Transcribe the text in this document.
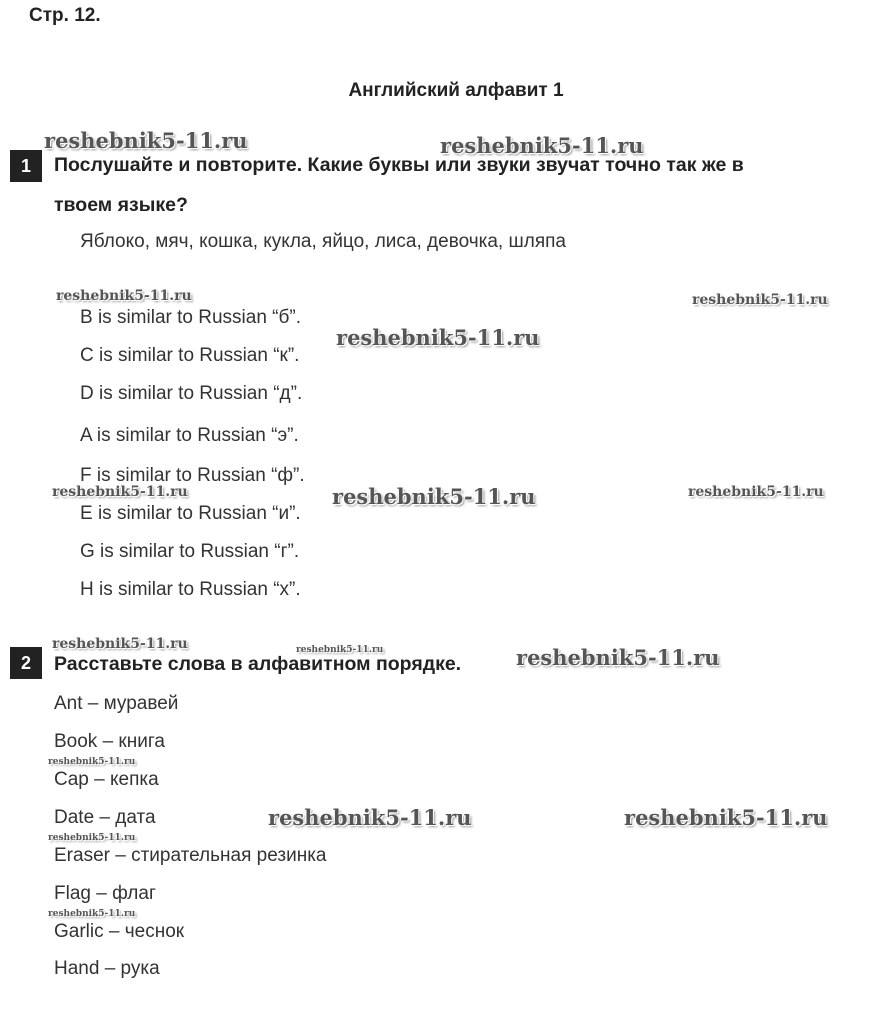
Стр. 12.
Английский алфавит 1
1	Послушайте и повторите. Какие буквы или звуки звучат точно так же в
твоем языке?
Яблоко, мяч, кошка, кукла, яйцо, лиса, девочка, шляпа
B is similar to Russian “б”.
C is similar to Russian “к”.
D is similar to Russian “д”.
A is similar to Russian “э”.
F is similar to Russian “ф”.
E is similar to Russian “и”.
G is similar to Russian “г”.
H is similar to Russian “х”.
2	Расставьте слова в алфавитном порядке.
Ant – муравей
Book – книга
Cap – кепка
Date – дата
Eraser – стирательная резинка
Flag – флаг
Garlic – чеснок
Hand – рука
reshebnik5-11.ru	reshebnik5-11.ru
reshebnik5-11.ru	reshebnik5-11.ru
reshebnik5-11.ru
reshebnik5-11.ru	reshebnik5-11.ru	reshebnik5-11.ru
reshebnik5-11.ru	reshebnik5-11.ru	reshebnik5-11.ru
reshebnik5-11.ru
reshebnik5-11.ru	reshebnik5-11.ru
reshebnik5-11.ru
reshebnik5-11.ru
